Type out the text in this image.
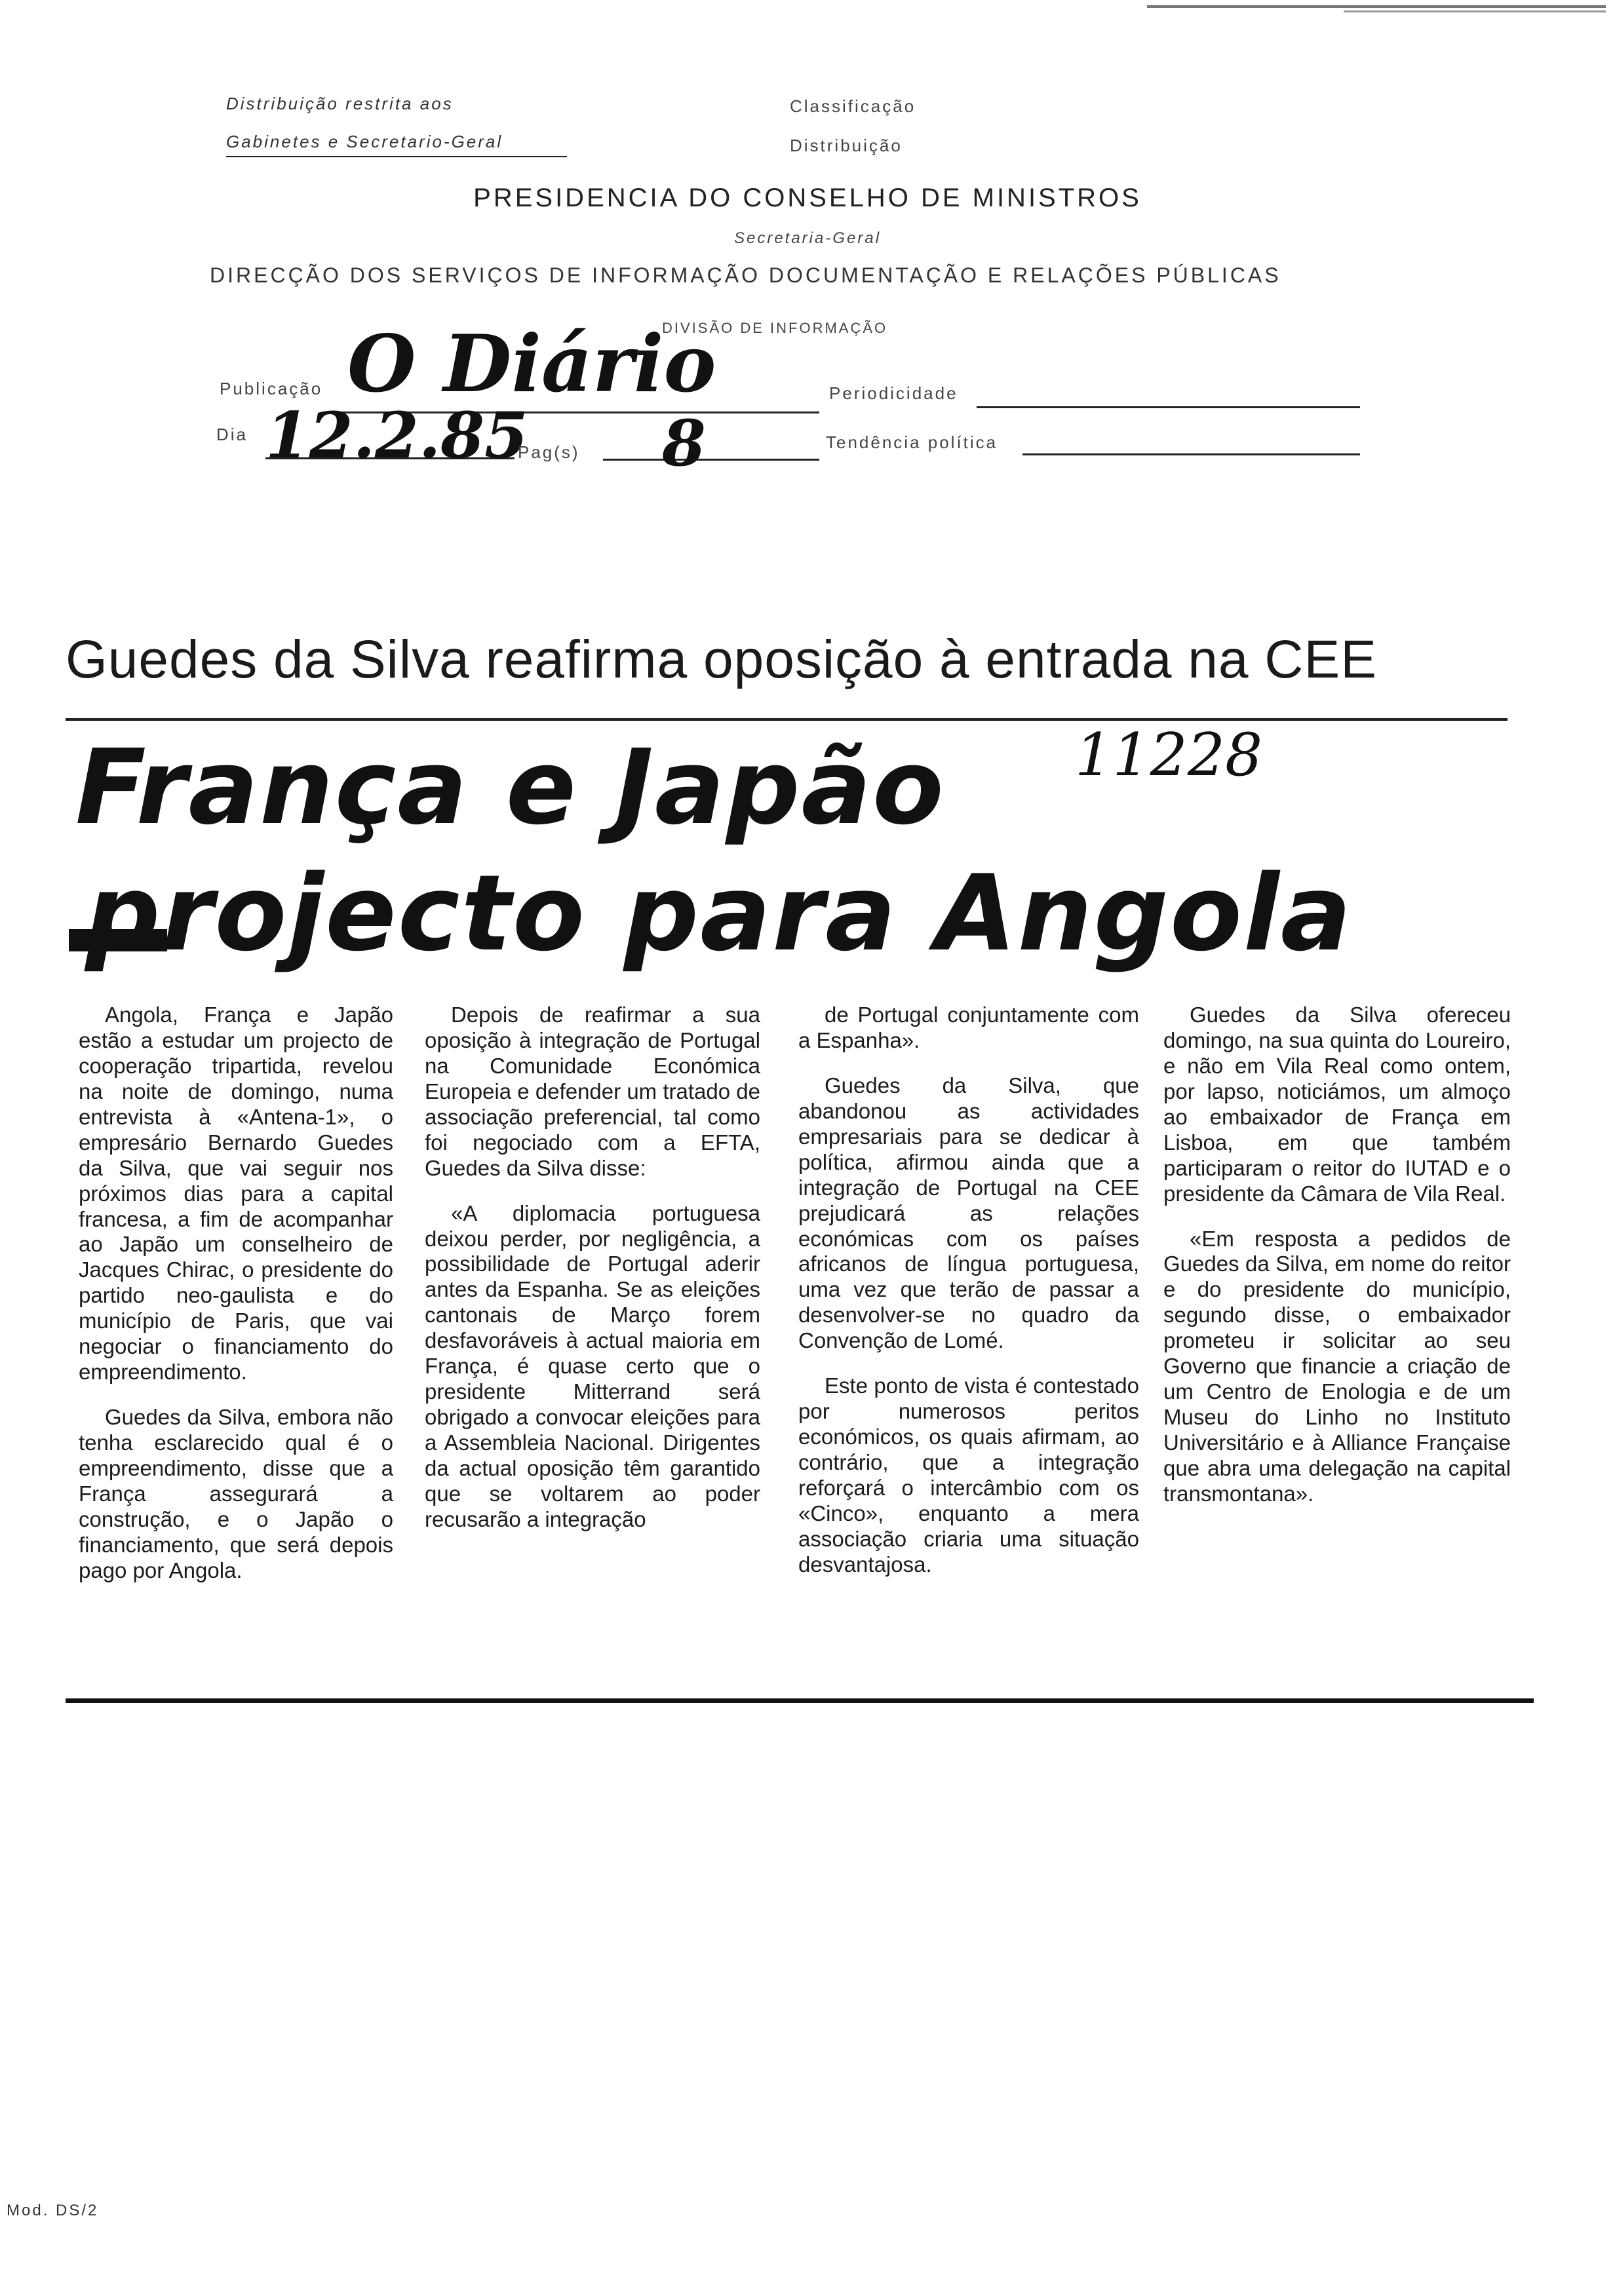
Distribuição restrita aos
Gabinetes e Secretario-Geral
Classificação
Distribuição
PRESIDENCIA DO CONSELHO DE MINISTROS
Secretaria-Geral
DIRECÇÃO DOS SERVIÇOS DE INFORMAÇÃO DOCUMENTAÇÃO E RELAÇÕES PÚBLICAS
DIVISÃO DE INFORMAÇÃO
Publicação O Diário	Periodicidade
Dia 12.2.85
Pag(s) 8	Tendência política
Guedes da Silva reafirma oposição à entrada na CEE
França e Japão 11228
projecto para Angola

Angola, França e Japão estão a estudar um projecto de cooperação tripartida, revelou na noite de domingo, numa entrevista à «Antena-1», o empresário Bernardo Guedes da Silva, que vai seguir nos próximos dias para a capital francesa, a fim de acompanhar ao Japão um conselheiro de Jacques Chirac, o presidente do partido neo-gaulista e do município de Paris, que vai negociar o financiamento do empreendimento.

Guedes da Silva, embora não tenha esclarecido qual é o empreendimento, disse que a França assegurará a construção, e o Japão o financiamento, que será depois pago por Angola.

Depois de reafirmar a sua oposição à integração de Portugal na Comunidade Económica Europeia e defender um tratado de associação preferencial, tal como foi negociado com a EFTA, Guedes da Silva disse:

«A diplomacia portuguesa deixou perder, por negligência, a possibilidade de Portugal aderir antes da Espanha. Se as eleições cantonais de Março forem desfavoráveis à actual maioria em França, é quase certo que o presidente Mitterrand será obrigado a convocar eleições para a Assembleia Nacional. Dirigentes da actual oposição têm garantido que se voltarem ao poder recusarão a integração

de Portugal conjuntamente com a Espanha».

Guedes da Silva, que abandonou as actividades empresariais para se dedicar à política, afirmou ainda que a integração de Portugal na CEE prejudicará as relações económicas com os países africanos de língua portuguesa, uma vez que terão de passar a desenvolver-se no quadro da Convenção de Lomé.

Este ponto de vista é contestado por numerosos peritos económicos, os quais afirmam, ao contrário, que a integração reforçará o intercâmbio com os «Cinco», enquanto a mera associação criaria uma situação desvantajosa.

Guedes da Silva ofereceu domingo, na sua quinta do Loureiro, e não em Vila Real como ontem, por lapso, noticiámos, um almoço ao embaixador de França em Lisboa, em que também participaram o reitor do IUTAD e o presidente da Câmara de Vila Real.

«Em resposta a pedidos de Guedes da Silva, em nome do reitor e do presidente do município, segundo disse, o embaixador prometeu ir solicitar ao seu Governo que financie a criação de um Centro de Enologia e de um Museu do Linho no Instituto Universitário e à Alliance Française que abra uma delegação na capital transmontana».

Mod. DS/2
